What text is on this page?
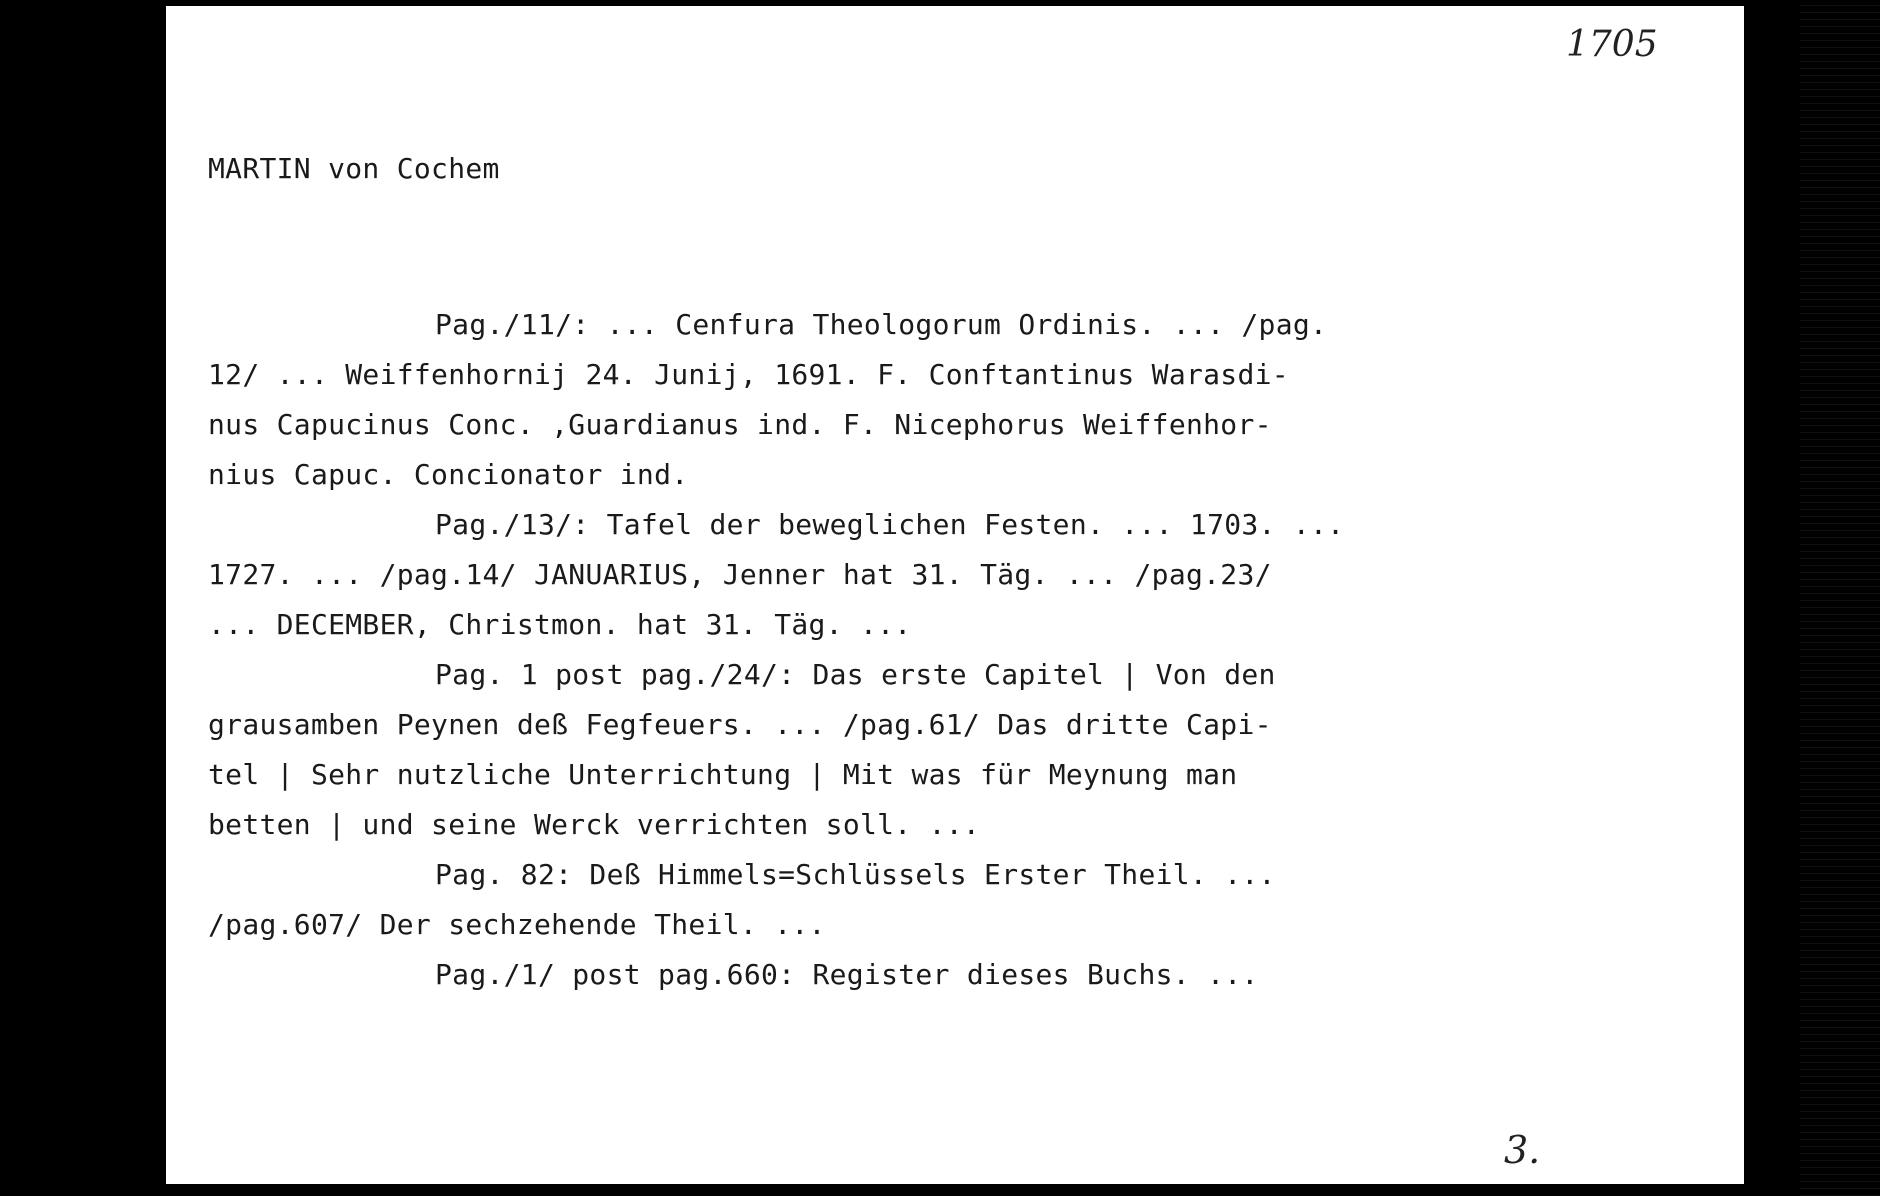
1705
MARTIN von Cochem
Pag./11/: ... Cenfura Theologorum Ordinis. ... /pag.
12/ ... Weiffenhornij 24. Junij, 1691. F. Conftantinus Warasdi-
nus Capucinus Conc. ,Guardianus ind. F. Nicephorus Weiffenhor-
nius Capuc. Concionator ind.
Pag./13/: Tafel der beweglichen Festen. ... 1703. ...
1727. ... /pag.14/ JANUARIUS, Jenner hat 31. Täg. ... /pag.23/
... DECEMBER, Christmon. hat 31. Täg. ...
Pag. 1 post pag./24/: Das erste Capitel | Von den
grausamben Peynen deß Fegfeuers. ... /pag.61/ Das dritte Capi-
tel | Sehr nutzliche Unterrichtung | Mit was für Meynung man
betten | und seine Werck verrichten soll. ...
Pag. 82: Deß Himmels=Schlüssels Erster Theil. ...
/pag.607/ Der sechzehende Theil. ...
Pag./1/ post pag.660: Register dieses Buchs. ...
3.
